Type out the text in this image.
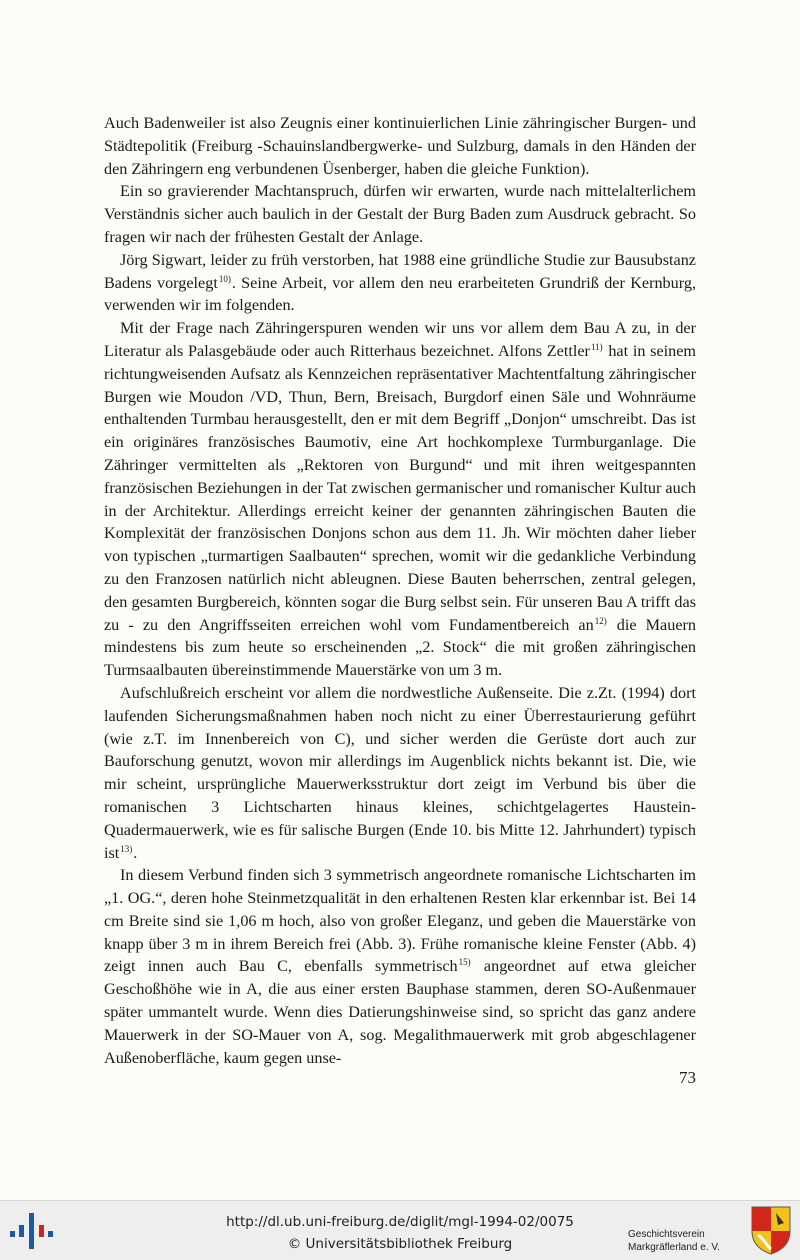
Auch Badenweiler ist also Zeugnis einer kontinuierlichen Linie zähringischer Burgen- und Städtepolitik (Freiburg -Schauinslandbergwerke- und Sulzburg, damals in den Händen der den Zähringern eng verbundenen Üsenberger, haben die gleiche Funktion).

Ein so gravierender Machtanspruch, dürfen wir erwarten, wurde nach mittelalterlichem Verständnis sicher auch baulich in der Gestalt der Burg Baden zum Ausdruck gebracht. So fragen wir nach der frühesten Gestalt der Anlage.

Jörg Sigwart, leider zu früh verstorben, hat 1988 eine gründliche Studie zur Bausubstanz Badens vorgelegt$^{10)}$. Seine Arbeit, vor allem den neu erarbeiteten Grundriß der Kernburg, verwenden wir im folgenden.

Mit der Frage nach Zähringerspuren wenden wir uns vor allem dem Bau A zu, in der Literatur als Palasgebäude oder auch Ritterhaus bezeichnet. Alfons Zettler$^{11)}$ hat in seinem richtungweisenden Aufsatz als Kennzeichen repräsentativer Machtentfaltung zähringischer Burgen wie Moudon /VD, Thun, Bern, Breisach, Burgdorf einen Säle und Wohnräume enthaltenden Turmbau herausgestellt, den er mit dem Begriff „Donjon“ umschreibt. Das ist ein originäres französisches Baumotiv, eine Art hochkomplexe Turmburganlage. Die Zähringer vermittelten als „Rektoren von Burgund“ und mit ihren weitgespannten französischen Beziehungen in der Tat zwischen germanischer und romanischer Kultur auch in der Architektur. Allerdings erreicht keiner der genannten zähringischen Bauten die Komplexität der französischen Donjons schon aus dem 11. Jh. Wir möchten daher lieber von typischen „turmartigen Saalbauten“ sprechen, womit wir die gedankliche Verbindung zu den Franzosen natürlich nicht ableugnen. Diese Bauten beherrschen, zentral gelegen, den gesamten Burgbereich, könnten sogar die Burg selbst sein. Für unseren Bau A trifft das zu - zu den Angriffsseiten erreichen wohl vom Fundamentbereich $an^{12)}$ die Mauern mindestens bis zum heute so erscheinenden „2. Stock“ die mit großen zähringischen Turmsaalbauten übereinstimmende Mauerstärke von um 3 m.

Aufschlußreich erscheint vor allem die nordwestliche Außenseite. Die z.Zt. (1994) dort laufenden Sicherungsmaßnahmen haben noch nicht zu einer Überrestaurierung geführt (wie z.T. im Innenbereich von C), und sicher werden die Gerüste dort auch zur Bauforschung genutzt, wovon mir allerdings im Augenblick nichts bekannt ist. Die, wie mir scheint, ursprüngliche Mauerwerksstruktur dort zeigt im Verbund bis über die romanischen 3 Lichtscharten hinaus kleines, schichtgelagertes Haustein-Quadermauerwerk, wie es für salische Burgen (Ende 10. bis Mitte 12. Jahrhundert) typisch ist$^{13)}$.

In diesem Verbund finden sich 3 symmetrisch angeordnete romanische Lichtscharten im „1. OG.“, deren hohe Steinmetzqualität in den erhaltenen Resten klar erkennbar ist. Bei 14 cm Breite sind sie 1,06 m hoch, also von großer Eleganz, und geben die Mauerstärke von knapp über 3 m in ihrem Bereich frei (Abb. 3). Frühe romanische kleine Fenster (Abb. 4) zeigt innen auch Bau C, ebenfalls symmetrisch$^{15)}$ angeordnet auf etwa gleicher Geschoßhöhe wie in A, die aus einer ersten Bauphase stammen, deren SO-Außenmauer später ummantelt wurde. Wenn dies Datierungshinweise sind, so spricht das ganz andere Mauerwerk in der SO-Mauer von A, sog. Megalithmauerwerk mit grob abgeschlagener Außenoberfläche, kaum gegen unse-

73
http://dl.ub.uni-freiburg.de/diglit/mgl-1994-02/0075
© Universitätsbibliothek Freiburg
Geschichtsverein
Markgräflerland e. V.
